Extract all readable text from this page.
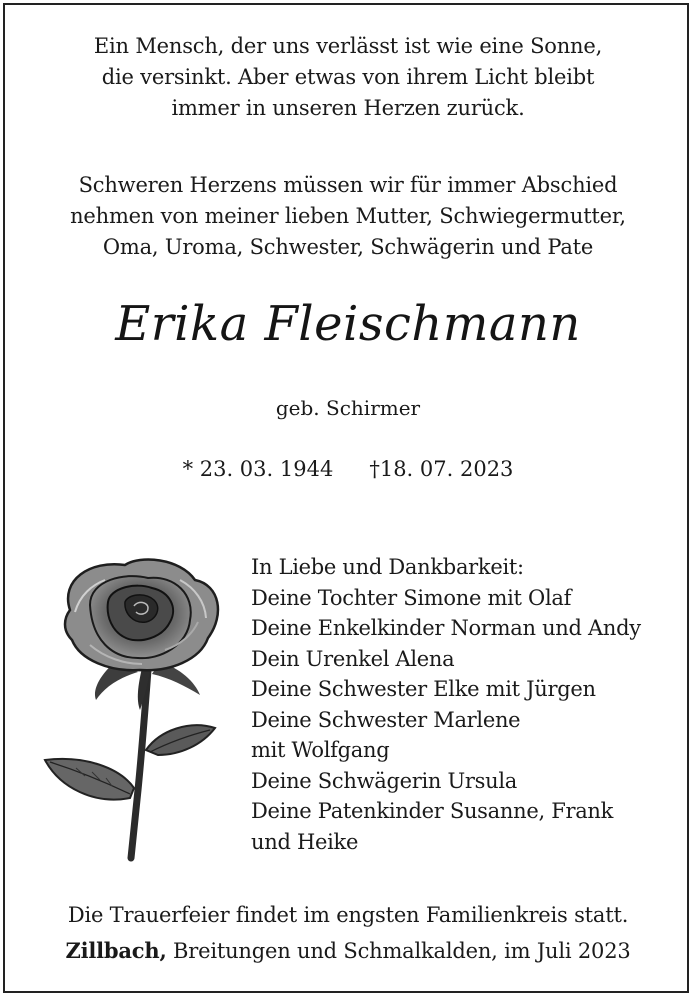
Ein Mensch, der uns verlässt ist wie eine Sonne,
die versinkt. Aber etwas von ihrem Licht bleibt
immer in unseren Herzen zurück.
Schweren Herzens müssen wir für immer Abschied
nehmen von meiner lieben Mutter, Schwiegermutter,
Oma, Uroma, Schwester, Schwägerin und Pate
Erika Fleischmann
geb. Schirmer
* 23. 03. 1944 †18. 07. 2023
In Liebe und Dankbarkeit:
Deine Tochter Simone mit Olaf
Deine Enkelkinder Norman und Andy
Dein Urenkel Alena
Deine Schwester Elke mit Jürgen
Deine Schwester Marlene
mit Wolfgang
Deine Schwägerin Ursula
Deine Patenkinder Susanne, Frank
und Heike
Die Trauerfeier findet im engsten Familienkreis statt.
Zillbach, Breitungen und Schmalkalden, im Juli 2023
